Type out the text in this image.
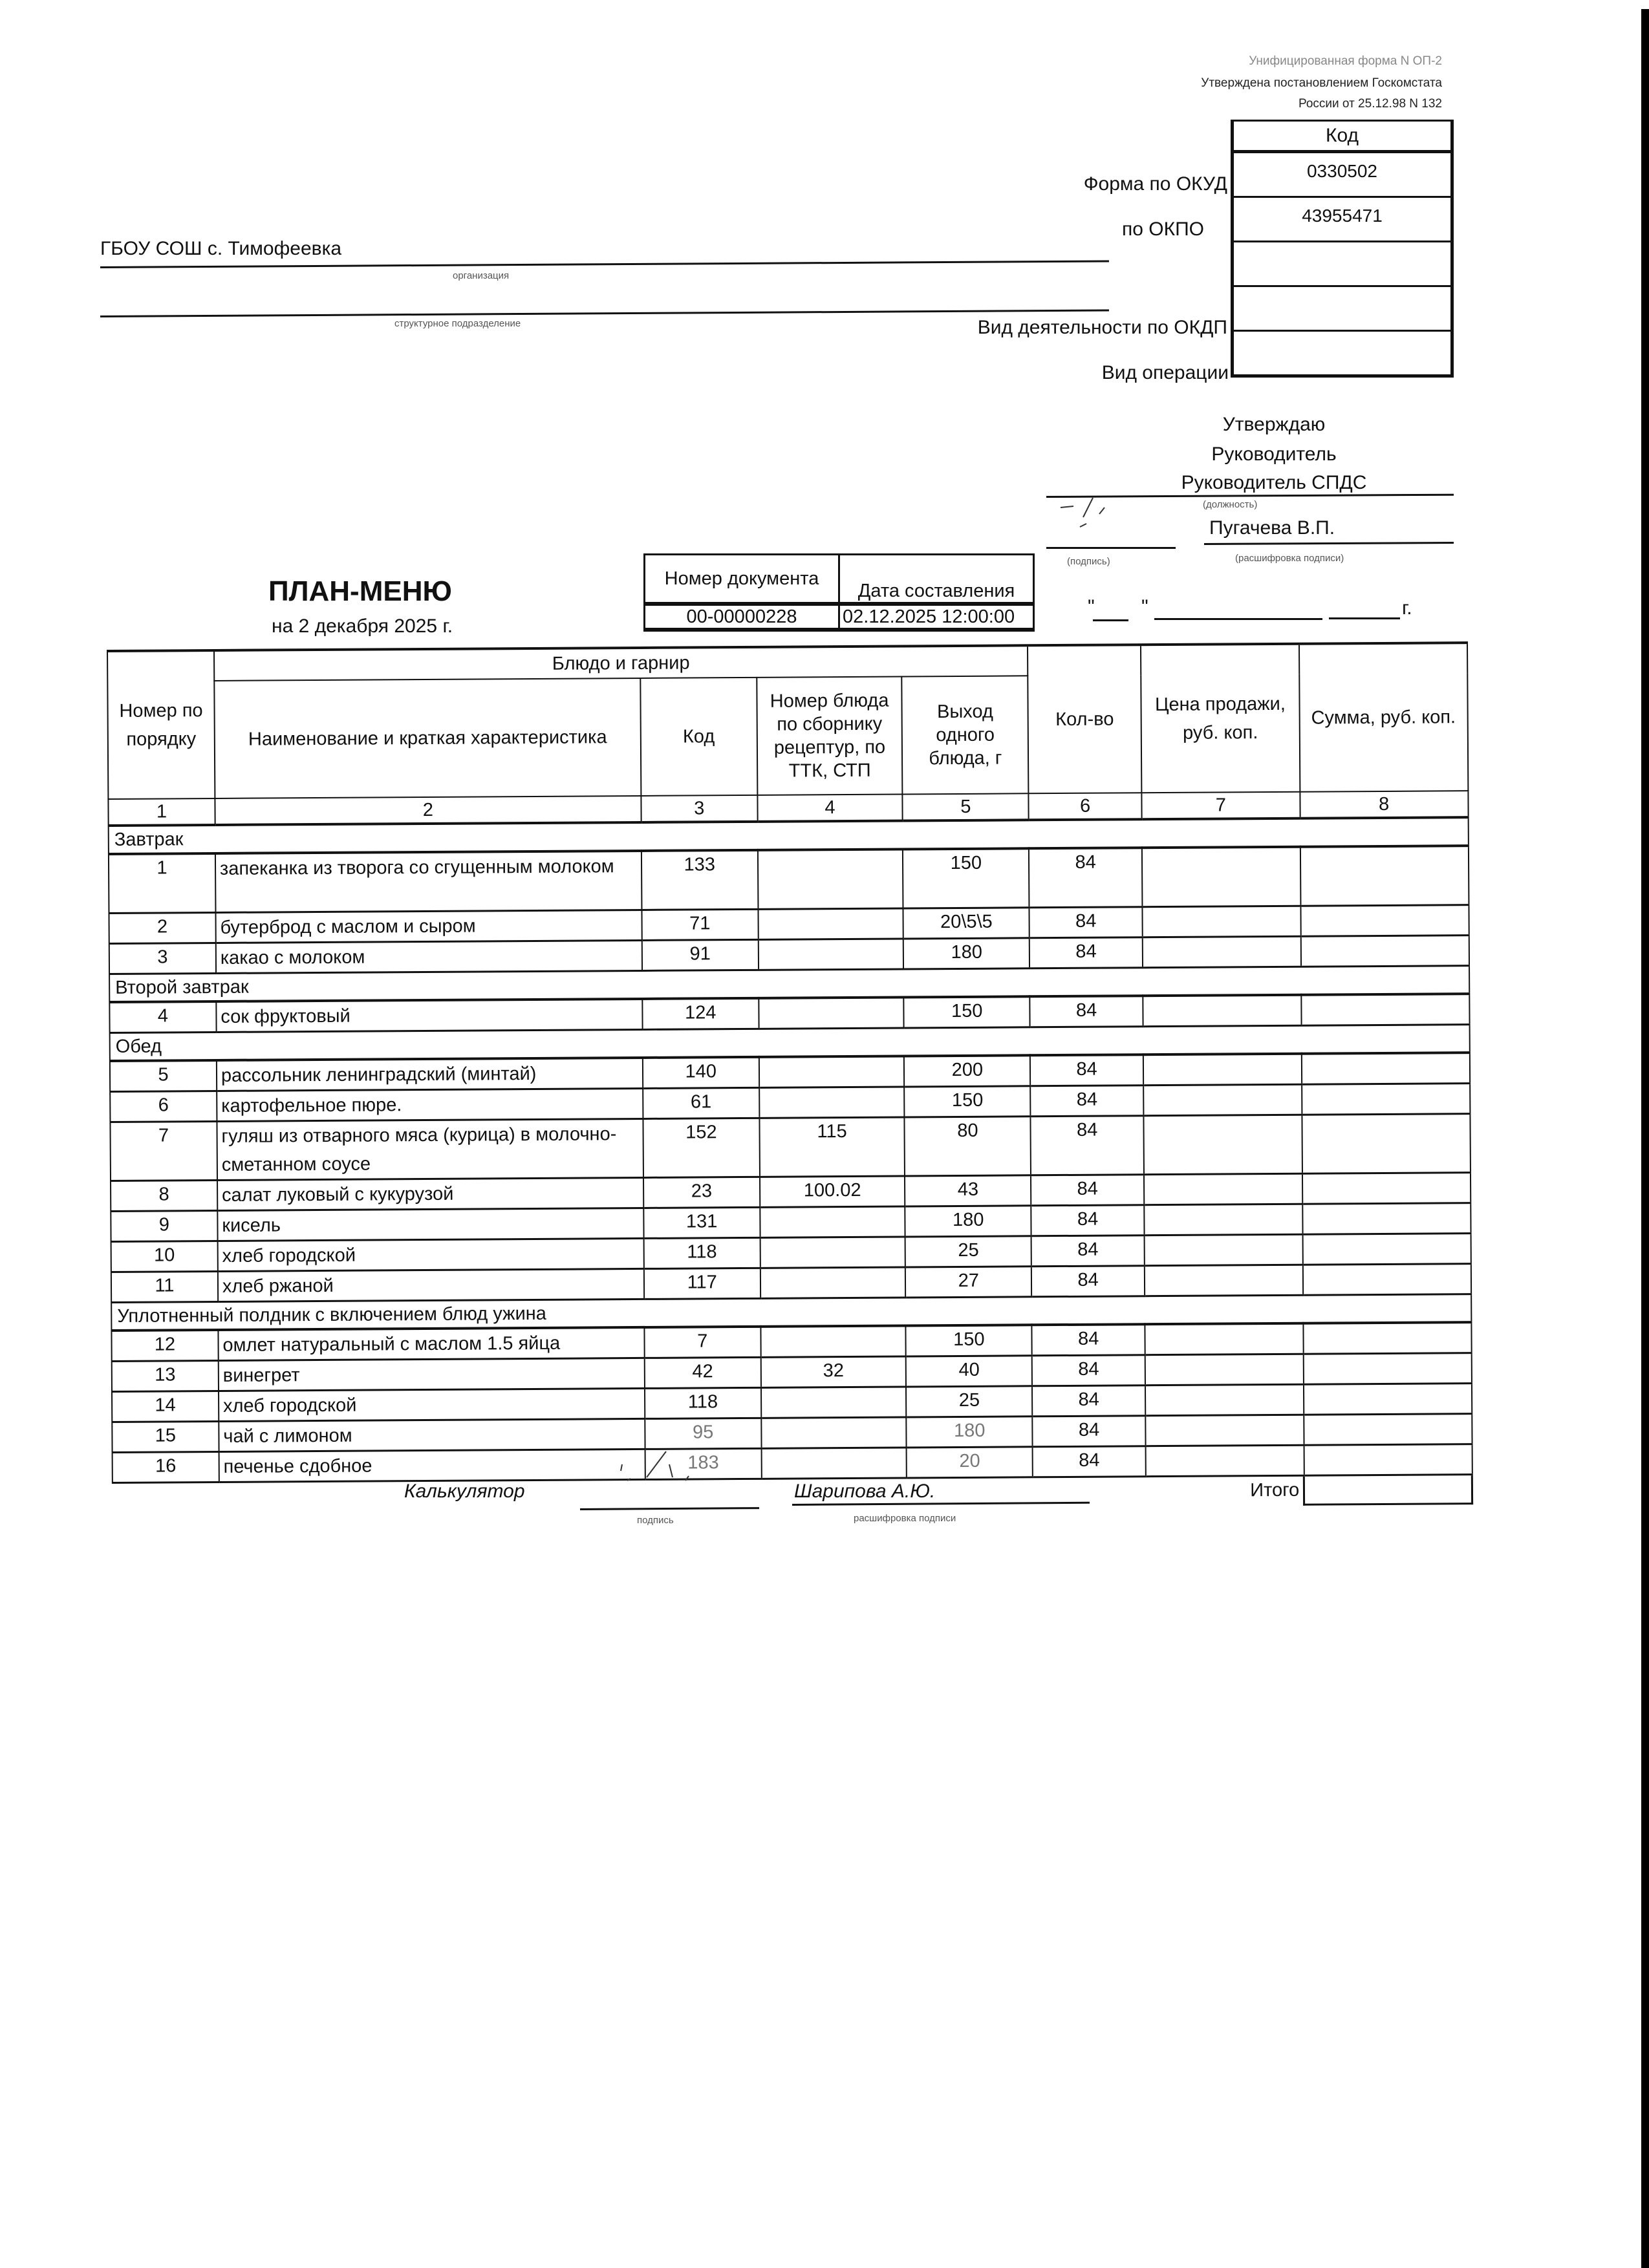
Унифицированная форма N ОП-2
Утверждена постановлением Госкомстата
России от 25.12.98 N 132
Код
0330502
43955471
Форма по ОКУД
по ОКПО
Вид деятельности по ОКДП
Вид операции
ГБОУ СОШ с. Тимофеевка
организация
структурное подразделение
Утверждаю
Руководитель
Руководитель СПДС
(должность)
Пугачева В.П.
(подпись)	(расшифровка подписи)
" "	г.
ПЛАН-МЕНЮ
на 2 декабря 2025 г.
Номер документа	Дата составления
00-00000228	02.12.2025 12:00:00
Номер по порядку	Блюдо и гарнир				Кол-во	Цена продажи, руб. коп.	Сумма, руб. коп.
	Наименование и краткая характеристика	Код	Номер блюда по сборнику рецептур, по ТТК, СТП	Выход одного блюда, г			
1	2	3	4	5	6	7	8
Завтрак							
1	запеканка из творога со сгущенным молоком	133		150	84		
2	бутерброд с маслом и сыром	71		20\5\5	84		
3	какао с молоком	91		180	84		
Второй завтрак							
4	сок фруктовый	124		150	84		
Обед							
5	рассольник ленинградский (минтай)	140		200	84		
6	картофельное пюре.	61		150	84		
7	гуляш из отварного мяса (курица) в молочно-сметанном соусе	152	115	80	84		
8	салат луковый с кукурузой	23	100.02	43	84		
9	кисель	131		180	84		
10	хлеб городской	118		25	84		
11	хлеб ржаной	117		27	84		
Уплотненный полдник с включением блюд ужина							
12	омлет натуральный с маслом 1.5 яйца	7		150	84		
13	винегрет	42	32	40	84		
14	хлеб городской	118		25	84		
15	чай с лимоном	95		180	84		
16	печенье сдобное	183		20	84		
						Итого	
Калькулятор
подпись
Шарипова А.Ю.
расшифровка подписи
